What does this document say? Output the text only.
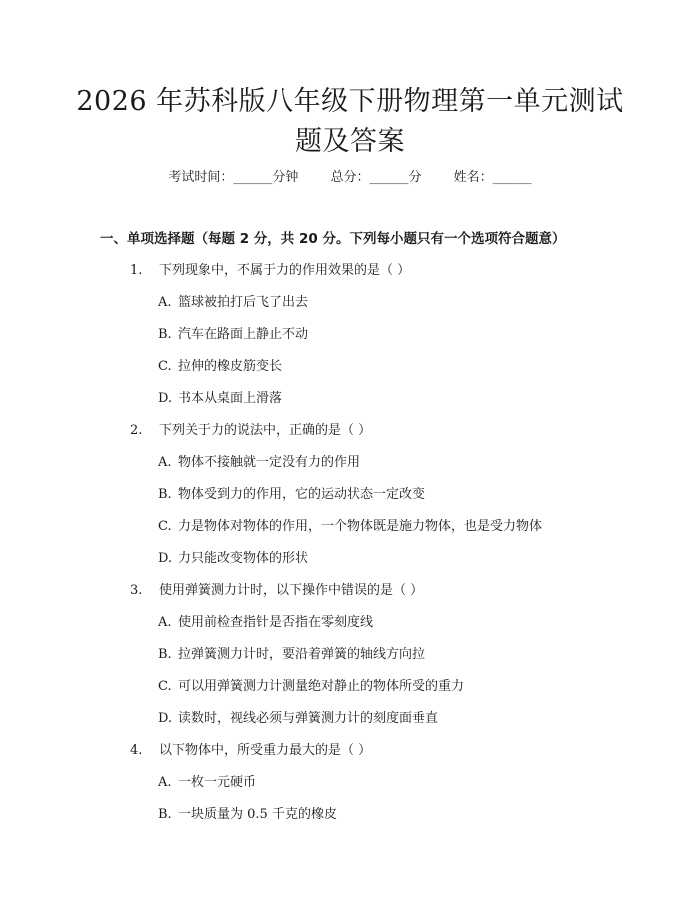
2026 年苏科版八年级下册物理第一单元测试
题及答案
考试时间：______分钟 总分：______分 姓名：______
一、单项选择题（每题 2 分，共 20 分。下列每小题只有一个选项符合题意）
1. 下列现象中，不属于力的作用效果的是（ ）
A. 篮球被拍打后飞了出去
B. 汽车在路面上静止不动
C. 拉伸的橡皮筋变长
D. 书本从桌面上滑落
2. 下列关于力的说法中，正确的是（ ）
A. 物体不接触就一定没有力的作用
B. 物体受到力的作用，它的运动状态一定改变
C. 力是物体对物体的作用，一个物体既是施力物体，也是受力物体
D. 力只能改变物体的形状
3. 使用弹簧测力计时，以下操作中错误的是（ ）
A. 使用前检查指针是否指在零刻度线
B. 拉弹簧测力计时，要沿着弹簧的轴线方向拉
C. 可以用弹簧测力计测量绝对静止的物体所受的重力
D. 读数时，视线必须与弹簧测力计的刻度面垂直
4. 以下物体中，所受重力最大的是（ ）
A. 一枚一元硬币
B. 一块质量为 0.5 千克的橡皮
